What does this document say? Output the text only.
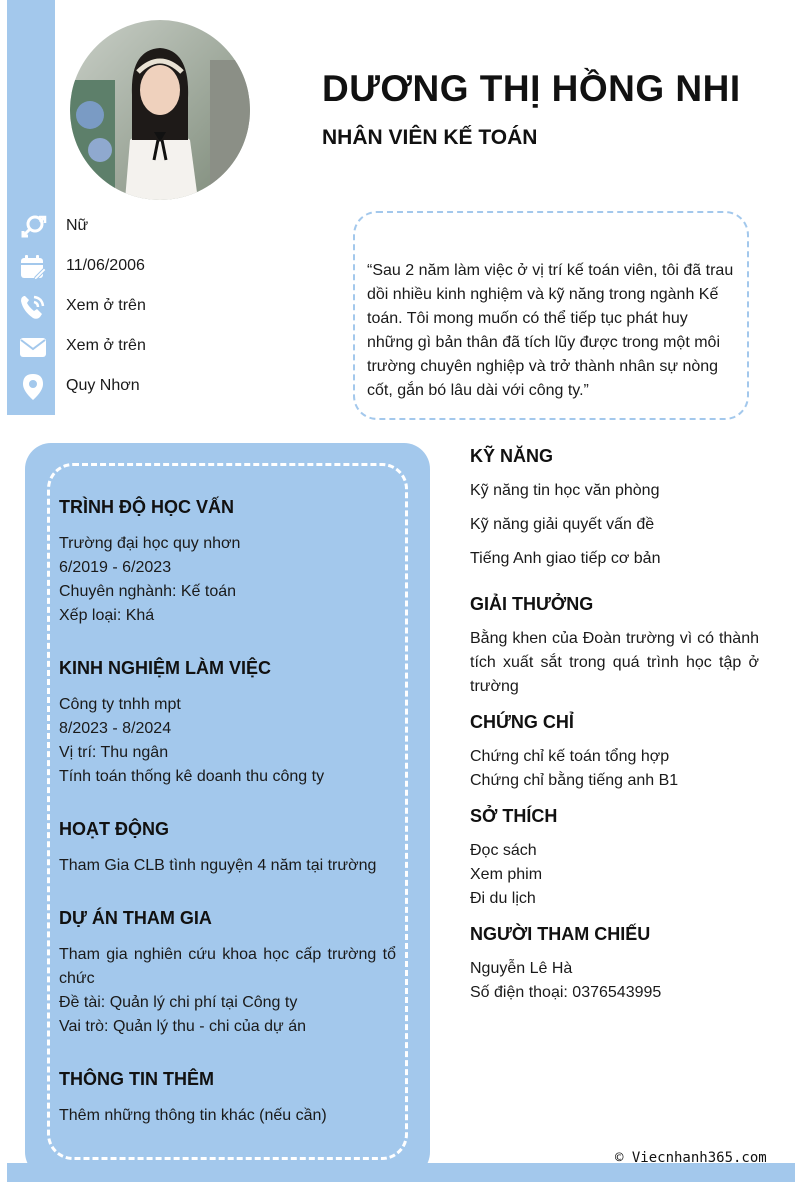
DƯƠNG THỊ HỒNG NHI
NHÂN VIÊN KẾ TOÁN
Nữ
11/06/2006
Xem ở trên
Xem ở trên
Quy Nhơn
“Sau 2 năm làm việc ở vị trí kế toán viên, tôi đã trau dồi nhiều kinh nghiệm và kỹ năng trong ngành Kế toán. Tôi mong muốn có thể tiếp tục phát huy những gì bản thân đã tích lũy được trong một môi trường chuyên nghiệp và trở thành nhân sự nòng cốt, gắn bó lâu dài với công ty.”
TRÌNH ĐỘ HỌC VẤN
Trường đại học quy nhơn
6/2019 - 6/2023
Chuyên nghành: Kế toán
Xếp loại: Khá
KINH NGHIỆM LÀM VIỆC
Công ty tnhh mpt
8/2023 - 8/2024
Vị trí: Thu ngân
Tính toán thống kê doanh thu công ty
HOẠT ĐỘNG
Tham Gia CLB tình nguyện 4 năm tại trường
DỰ ÁN THAM GIA
Tham gia nghiên cứu khoa học cấp trường tổ chức
Đề tài: Quản lý chi phí tại Công ty
Vai trò: Quản lý thu - chi của dự án
THÔNG TIN THÊM
Thêm những thông tin khác (nếu cần)
KỸ NĂNG
Kỹ năng tin học văn phòng
Kỹ năng giải quyết vấn đề
Tiếng Anh giao tiếp cơ bản
GIẢI THƯỞNG
Bằng khen của Đoàn trường vì có thành tích xuất sắt trong quá trình học tập ở trường
CHỨNG CHỈ
Chứng chỉ kế toán tổng hợp
Chứng chỉ bằng tiếng anh B1
SỞ THÍCH
Đọc sách
Xem phim
Đi du lịch
NGƯỜI THAM CHIẾU
Nguyễn Lê Hà
Số điện thoại: 0376543995
© Viecnhanh365.com
